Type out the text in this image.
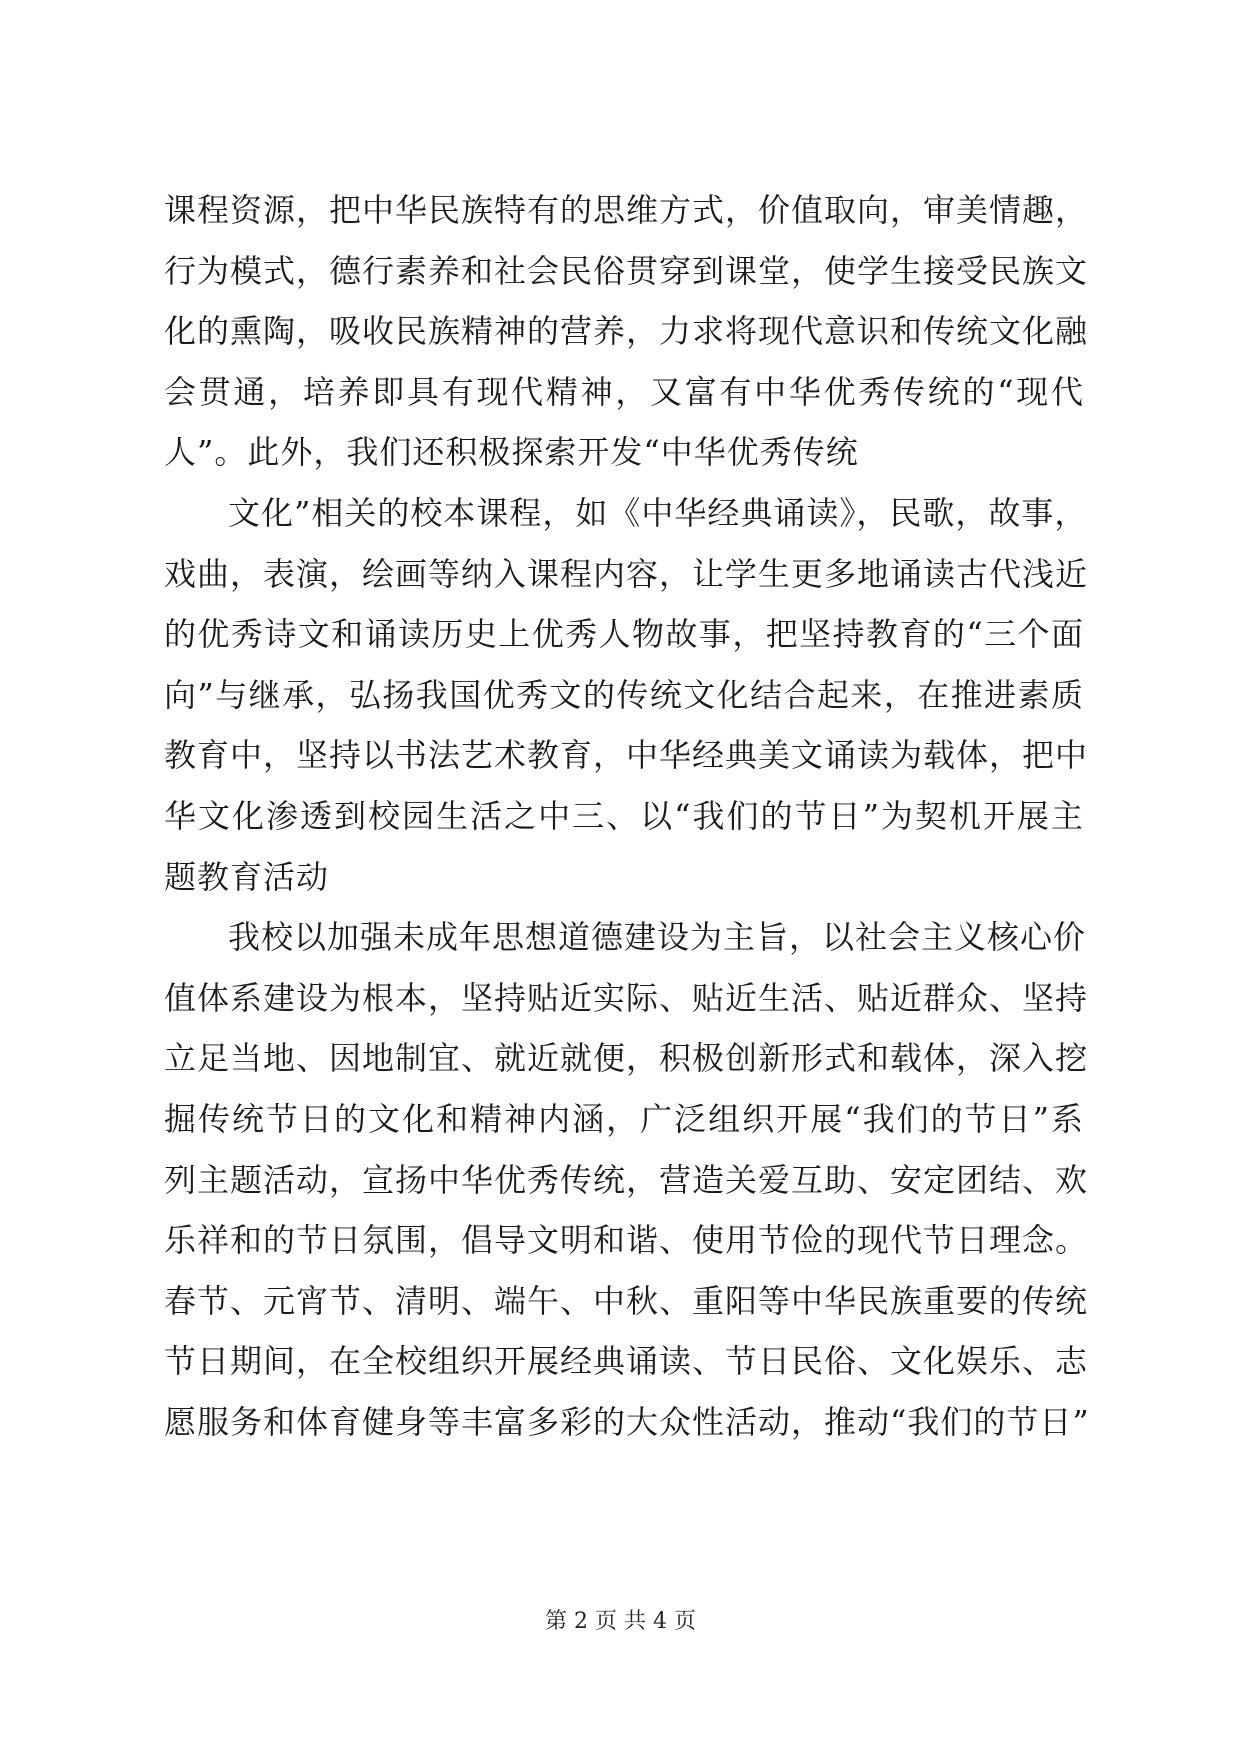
课程资源，把中华民族特有的思维方式，价值取向，审美情趣，
行为模式，德行素养和社会民俗贯穿到课堂，使学生接受民族文
化的熏陶，吸收民族精神的营养，力求将现代意识和传统文化融
会贯通，培养即具有现代精神，又富有中华优秀传统的“现代
人”。此外，我们还积极探索开发“中华优秀传统
文化”相关的校本课程，如《中华经典诵读》，民歌，故事，
戏曲，表演，绘画等纳入课程内容，让学生更多地诵读古代浅近
的优秀诗文和诵读历史上优秀人物故事，把坚持教育的“三个面
向”与继承，弘扬我国优秀文的传统文化结合起来，在推进素质
教育中，坚持以书法艺术教育，中华经典美文诵读为载体，把中
华文化渗透到校园生活之中三、以“我们的节日”为契机开展主
题教育活动
我校以加强未成年思想道德建设为主旨，以社会主义核心价
值体系建设为根本，坚持贴近实际、贴近生活、贴近群众、坚持
立足当地、因地制宜、就近就便，积极创新形式和载体，深入挖
掘传统节日的文化和精神内涵，广泛组织开展“我们的节日”系
列主题活动，宣扬中华优秀传统，营造关爱互助、安定团结、欢
乐祥和的节日氛围，倡导文明和谐、使用节俭的现代节日理念。
春节、元宵节、清明、端午、中秋、重阳等中华民族重要的传统
节日期间，在全校组织开展经典诵读、节日民俗、文化娱乐、志
愿服务和体育健身等丰富多彩的大众性活动，推动“我们的节日”
第 2 页 共 4 页
